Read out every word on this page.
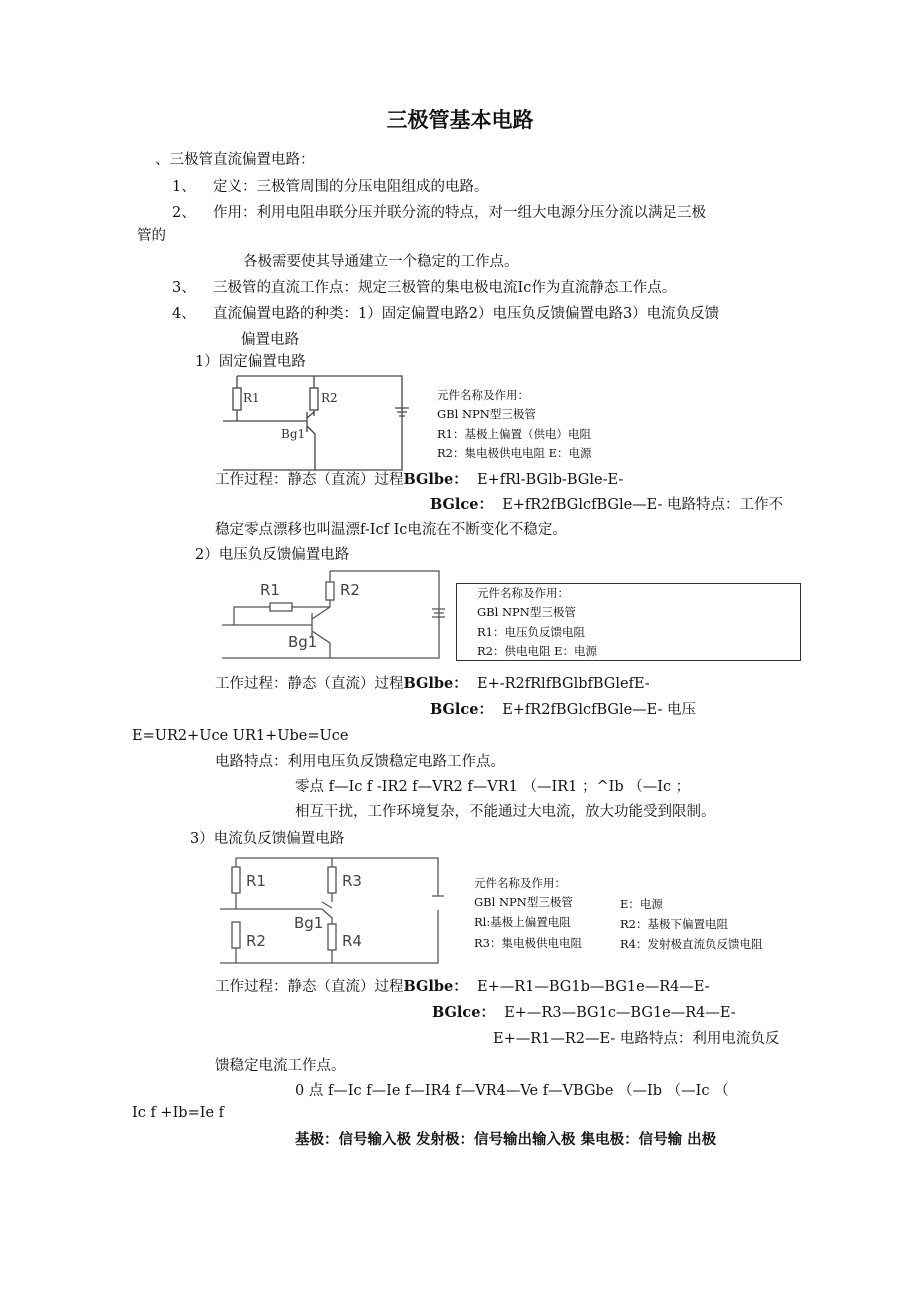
三极管基本电路
、三极管直流偏置电路：
1、 定义：三极管周围的分压电阻组成的电路。
2、 作用：利用电阻串联分压并联分流的特点，对一组大电源分压分流以满足三极
管的
各极需要使其导通建立一个稳定的工作点。
3、 三极管的直流工作点：规定三极管的集电极电流Ic作为直流静态工作点。
4、 直流偏置电路的种类：1）固定偏置电路2）电压负反馈偏置电路3）电流负反馈
偏置电路
1）固定偏置电路
R1	R2
Bg1
元件名称及作用：
GBl NPN型三极管
R1：基极上偏置（供电）电阻
R2：集电极供电电阻 E：电源
工作过程：静态（直流）过程BGlbe： E+fRl-BGlb-BGle-E-
BGlce： E+fR2fBGlcfBGle—E- 电路特点：工作不
稳定零点漂移也叫温漂f-Icf Ic电流在不断变化不稳定。
2）电压负反馈偏置电路
R1	R2
Bg1
元件名称及作用：
GBl NPN型三极管
R1：电压负反馈电阻
R2：供电电阻 E：电源
工作过程：静态（直流）过程BGlbe： E+-R2fRlfBGlbfBGlefE-
BGlce： E+fR2fBGlcfBGle—E- 电压
E=UR2+Uce UR1+Ube=Uce
电路特点：利用电压负反馈稳定电路工作点。
零点 f—Ic f -IR2 f—VR2 f—VR1 （—IR1 ；^Ib （—Ic ；
相互干扰，工作环境复杂，不能通过大电流，放大功能受到限制。
3）电流负反馈偏置电路
R1	R3
R2	R4
Bg1
元件名称及作用：
GBl NPN型三极管
Rl:基极上偏置电阻
R3：集电极供电电阻
E：电源
R2：基极下偏置电阻
R4：发射极直流负反馈电阻
工作过程：静态（直流）过程BGlbe： E+—R1—BG1b—BG1e—R4—E-
BGlce： E+—R3—BG1c—BG1e—R4—E-
E+—R1—R2—E- 电路特点：利用电流负反
馈稳定电流工作点。
0 点 f—Ic f—Ie f—IR4 f—VR4—Ve f—VBGbe （—Ib （—Ic （
Ic f +Ib=Ie f
基极：信号输入极 发射极：信号输出输入极 集电极：信号输 出极
